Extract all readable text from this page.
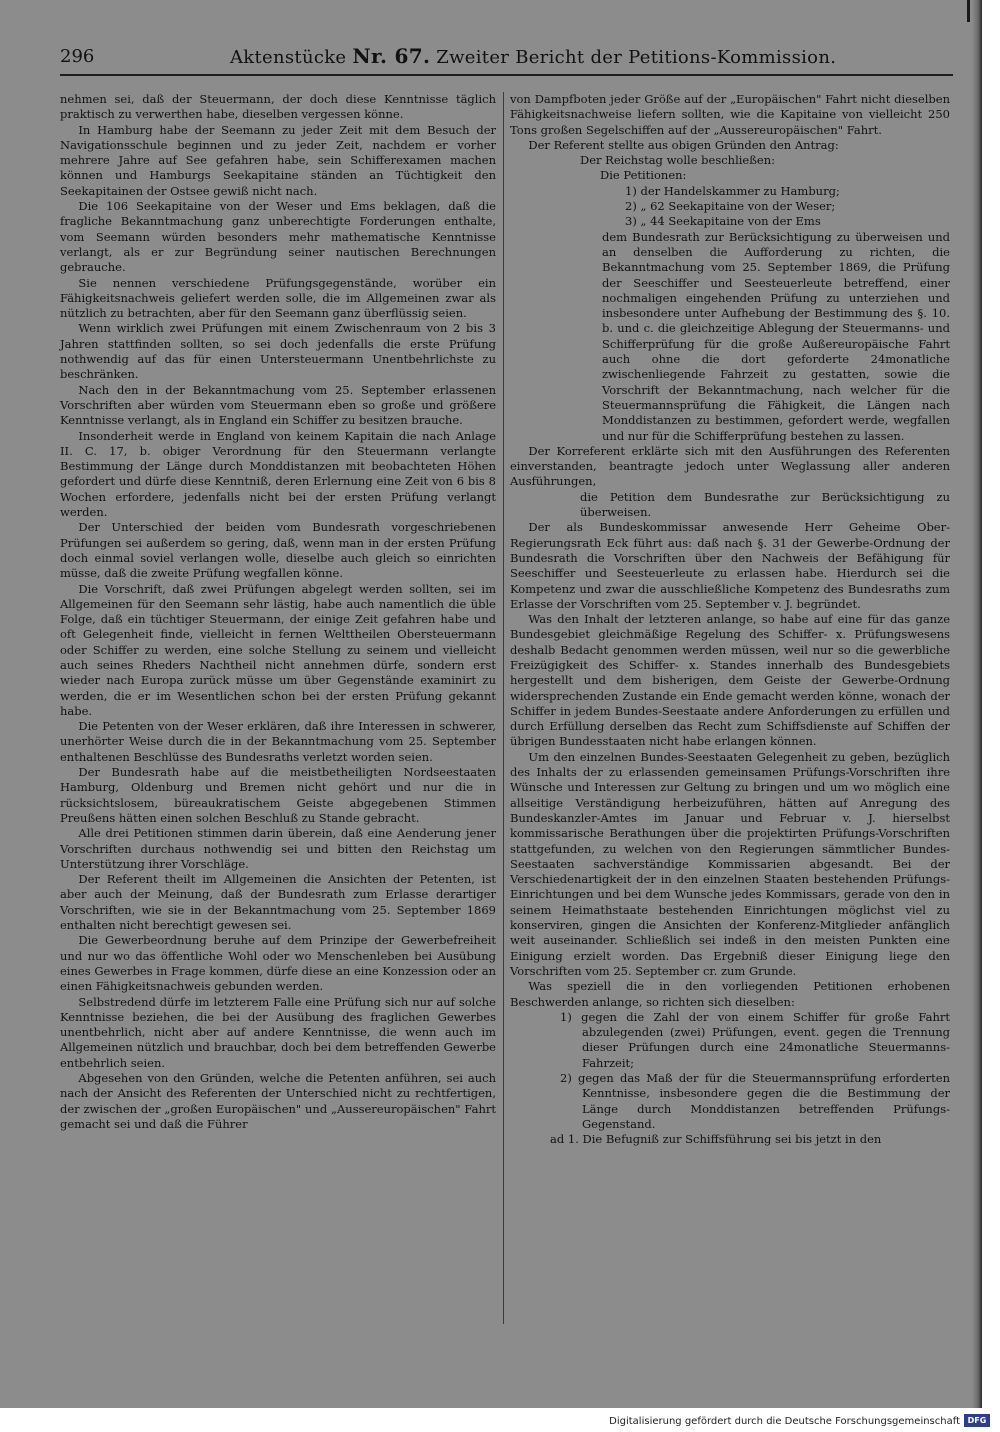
296	Aktenstücke Nr. 67. Zweiter Bericht der Petitions-Kommission.

nehmen sei, daß der Steuermann, der doch diese Kenntnisse täglich praktisch zu verwerthen habe, dieselben vergessen könne.

In Hamburg habe der Seemann zu jeder Zeit mit dem Besuch der Navigationsschule beginnen und zu jeder Zeit, nachdem er vorher mehrere Jahre auf See gefahren habe, sein Schifferexamen machen können und Hamburgs Seekapitaine ständen an Tüchtigkeit den Seekapitainen der Ostsee gewiß nicht nach.

Die 106 Seekapitaine von der Weser und Ems beklagen, daß die fragliche Bekanntmachung ganz unberechtigte Forderungen enthalte, vom Seemann würden besonders mehr mathematische Kenntnisse verlangt, als er zur Begründung seiner nautischen Berechnungen gebrauche.

Sie nennen verschiedene Prüfungsgegenstände, worüber ein Fähigkeitsnachweis geliefert werden solle, die im Allgemeinen zwar als nützlich zu betrachten, aber für den Seemann ganz überflüssig seien.

Wenn wirklich zwei Prüfungen mit einem Zwischenraum von 2 bis 3 Jahren stattfinden sollten, so sei doch jedenfalls die erste Prüfung nothwendig auf das für einen Untersteuermann Unentbehrlichste zu beschränken.

Nach den in der Bekanntmachung vom 25. September erlassenen Vorschriften aber würden vom Steuermann eben so große und größere Kenntnisse verlangt, als in England ein Schiffer zu besitzen brauche.

Insonderheit werde in England von keinem Kapitain die nach Anlage II. C. 17, b. obiger Verordnung für den Steuermann verlangte Bestimmung der Länge durch Monddistanzen mit beobachteten Höhen gefordert und dürfe diese Kenntniß, deren Erlernung eine Zeit von 6 bis 8 Wochen erfordere, jedenfalls nicht bei der ersten Prüfung verlangt werden.

Der Unterschied der beiden vom Bundesrath vorgeschriebenen Prüfungen sei außerdem so gering, daß, wenn man in der ersten Prüfung doch einmal soviel verlangen wolle, dieselbe auch gleich so einrichten müsse, daß die zweite Prüfung wegfallen könne.

Die Vorschrift, daß zwei Prüfungen abgelegt werden sollten, sei im Allgemeinen für den Seemann sehr lästig, habe auch namentlich die üble Folge, daß ein tüchtiger Steuermann, der einige Zeit gefahren habe und oft Gelegenheit finde, vielleicht in fernen Welttheilen Obersteuermann oder Schiffer zu werden, eine solche Stellung zu seinem und vielleicht auch seines Rheders Nachtheil nicht annehmen dürfe, sondern erst wieder nach Europa zurück müsse um über Gegenstände examinirt zu werden, die er im Wesentlichen schon bei der ersten Prüfung gekannt habe.

Die Petenten von der Weser erklären, daß ihre Interessen in schwerer, unerhörter Weise durch die in der Bekanntmachung vom 25. September enthaltenen Beschlüsse des Bundesraths verletzt worden seien.

Der Bundesrath habe auf die meistbetheiligten Nordseestaaten Hamburg, Oldenburg und Bremen nicht gehört und nur die in rücksichtslosem, büreaukratischem Geiste abgegebenen Stimmen Preußens hätten einen solchen Beschluß zu Stande gebracht.

Alle drei Petitionen stimmen darin überein, daß eine Aenderung jener Vorschriften durchaus nothwendig sei und bitten den Reichstag um Unterstützung ihrer Vorschläge.

Der Referent theilt im Allgemeinen die Ansichten der Petenten, ist aber auch der Meinung, daß der Bundesrath zum Erlasse derartiger Vorschriften, wie sie in der Bekanntmachung vom 25. September 1869 enthalten nicht berechtigt gewesen sei.

Die Gewerbeordnung beruhe auf dem Prinzipe der Gewerbefreiheit und nur wo das öffentliche Wohl oder wo Menschenleben bei Ausübung eines Gewerbes in Frage kommen, dürfe diese an eine Konzession oder an einen Fähigkeitsnachweis gebunden werden.

Selbstredend dürfe im letzterem Falle eine Prüfung sich nur auf solche Kenntnisse beziehen, die bei der Ausübung des fraglichen Gewerbes unentbehrlich, nicht aber auf andere Kenntnisse, die wenn auch im Allgemeinen nützlich und brauchbar, doch bei dem betreffenden Gewerbe entbehrlich seien.

Abgesehen von den Gründen, welche die Petenten anführen, sei auch nach der Ansicht des Referenten der Unterschied nicht zu rechtfertigen, der zwischen der „großen Europäischen" und „Aussereuropäischen" Fahrt gemacht sei und daß die Führer

von Dampfboten jeder Größe auf der „Europäischen" Fahrt nicht dieselben Fähigkeitsnachweise liefern sollten, wie die Kapitaine von vielleicht 250 Tons großen Segelschiffen auf der „Aussereuropäischen" Fahrt.

Der Referent stellte aus obigen Gründen den Antrag:

Der Reichstag wolle beschließen:

Die Petitionen:

1) der Handelskammer zu Hamburg;

2) „ 62 Seekapitaine von der Weser;

3) „ 44 Seekapitaine von der Ems

dem Bundesrath zur Berücksichtigung zu überweisen und an denselben die Aufforderung zu richten, die Bekanntmachung vom 25. September 1869, die Prüfung der Seeschiffer und Seesteuerleute betreffend, einer nochmaligen eingehenden Prüfung zu unterziehen und insbesondere unter Aufhebung der Bestimmung des §. 10. b. und c. die gleichzeitige Ablegung der Steuermanns- und Schifferprüfung für die große Außereuropäische Fahrt auch ohne die dort geforderte 24monatliche zwischenliegende Fahrzeit zu gestatten, sowie die Vorschrift der Bekanntmachung, nach welcher für die Steuermannsprüfung die Fähigkeit, die Längen nach Monddistanzen zu bestimmen, gefordert werde, wegfallen und nur für die Schifferprüfung bestehen zu lassen.

Der Korreferent erklärte sich mit den Ausführungen des Referenten einverstanden, beantragte jedoch unter Weglassung aller anderen Ausführungen,

die Petition dem Bundesrathe zur Berücksichtigung zu überweisen.

Der als Bundeskommissar anwesende Herr Geheime Ober-Regierungsrath Eck führt aus: daß nach §. 31 der Gewerbe-Ordnung der Bundesrath die Vorschriften über den Nachweis der Befähigung für Seeschiffer und Seesteuerleute zu erlassen habe. Hierdurch sei die Kompetenz und zwar die ausschließliche Kompetenz des Bundesraths zum Erlasse der Vorschriften vom 25. September v. J. begründet.

Was den Inhalt der letzteren anlange, so habe auf eine für das ganze Bundesgebiet gleichmäßige Regelung des Schiffer- x. Prüfungswesens deshalb Bedacht genommen werden müssen, weil nur so die gewerbliche Freizügigkeit des Schiffer- x. Standes innerhalb des Bundesgebiets hergestellt und dem bisherigen, dem Geiste der Gewerbe-Ordnung widersprechenden Zustande ein Ende gemacht werden könne, wonach der Schiffer in jedem Bundes-Seestaate andere Anforderungen zu erfüllen und durch Erfüllung derselben das Recht zum Schiffsdienste auf Schiffen der übrigen Bundesstaaten nicht habe erlangen können.

Um den einzelnen Bundes-Seestaaten Gelegenheit zu geben, bezüglich des Inhalts der zu erlassenden gemeinsamen Prüfungs-Vorschriften ihre Wünsche und Interessen zur Geltung zu bringen und um wo möglich eine allseitige Verständigung herbeizuführen, hätten auf Anregung des Bundeskanzler-Amtes im Januar und Februar v. J. hierselbst kommissarische Berathungen über die projektirten Prüfungs-Vorschriften stattgefunden, zu welchen von den Regierungen sämmtlicher Bundes-Seestaaten sachverständige Kommissarien abgesandt. Bei der Verschiedenartigkeit der in den einzelnen Staaten bestehenden Prüfungs-Einrichtungen und bei dem Wunsche jedes Kommissars, gerade von den in seinem Heimathstaate bestehenden Einrichtungen möglichst viel zu konserviren, gingen die Ansichten der Konferenz-Mitglieder anfänglich weit auseinander. Schließlich sei indeß in den meisten Punkten eine Einigung erzielt worden. Das Ergebniß dieser Einigung liege den Vorschriften vom 25. September cr. zum Grunde.

Was speziell die in den vorliegenden Petitionen erhobenen Beschwerden anlange, so richten sich dieselben:

1) gegen die Zahl der von einem Schiffer für große Fahrt abzulegenden (zwei) Prüfungen, event. gegen die Trennung dieser Prüfungen durch eine 24monatliche Steuermanns-Fahrzeit;

2) gegen das Maß der für die Steuermannsprüfung erforderten Kenntnisse, insbesondere gegen die die Bestimmung der Länge durch Monddistanzen betreffenden Prüfungs-Gegenstand.

ad 1. Die Befugniß zur Schiffsführung sei bis jetzt in den

Digitalisierung gefördert durch die Deutsche Forschungsgemeinschaft DFG
